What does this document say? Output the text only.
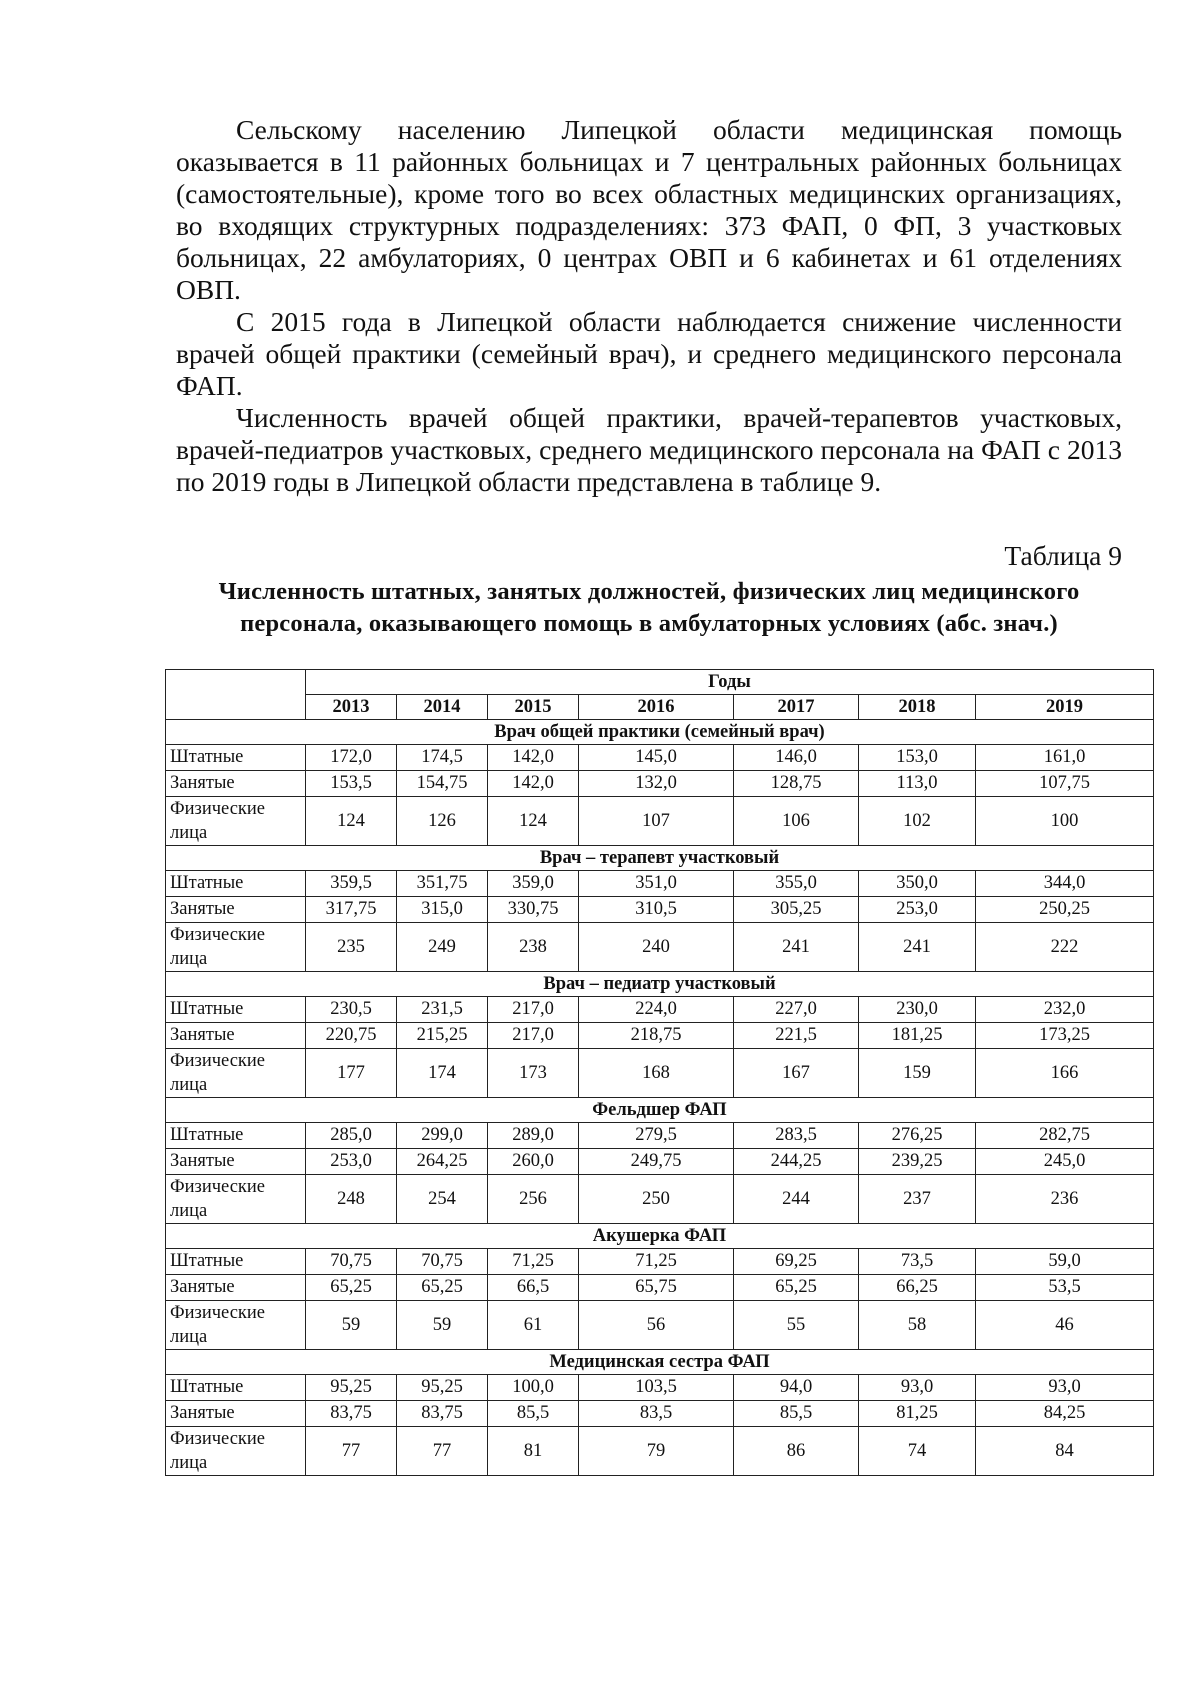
Сельскому населению Липецкой области медицинская помощь оказывается в 11 районных больницах и 7 центральных районных больницах (самостоятельные), кроме того во всех областных медицинских организациях, во входящих структурных подразделениях: 373 ФАП, 0 ФП, 3 участковых больницах, 22 амбулаториях, 0 центрах ОВП и 6 кабинетах и 61 отделениях ОВП.

С 2015 года в Липецкой области наблюдается снижение численности врачей общей практики (семейный врач), и среднего медицинского персонала ФАП.

Численность врачей общей практики, врачей-терапевтов участковых, врачей-педиатров участковых, среднего медицинского персонала на ФАП с 2013 по 2019 годы в Липецкой области представлена в таблице 9.

Таблица 9
Численность штатных, занятых должностей, физических лиц медицинского персонала, оказывающего помощь в амбулаторных условиях (абс. знач.)
	Годы						
	2013	2014	2015	2016	2017	2018	2019
Врач общей практики (семейный врач)							
Штатные	172,0	174,5	142,0	145,0	146,0	153,0	161,0
Занятые	153,5	154,75	142,0	132,0	128,75	113,0	107,75
Физические лица	124	126	124	107	106	102	100
Врач – терапевт участковый							
Штатные	359,5	351,75	359,0	351,0	355,0	350,0	344,0
Занятые	317,75	315,0	330,75	310,5	305,25	253,0	250,25
Физические лица	235	249	238	240	241	241	222
Врач – педиатр участковый							
Штатные	230,5	231,5	217,0	224,0	227,0	230,0	232,0
Занятые	220,75	215,25	217,0	218,75	221,5	181,25	173,25
Физические лица	177	174	173	168	167	159	166
Фельдшер ФАП							
Штатные	285,0	299,0	289,0	279,5	283,5	276,25	282,75
Занятые	253,0	264,25	260,0	249,75	244,25	239,25	245,0
Физические лица	248	254	256	250	244	237	236
Акушерка ФАП							
Штатные	70,75	70,75	71,25	71,25	69,25	73,5	59,0
Занятые	65,25	65,25	66,5	65,75	65,25	66,25	53,5
Физические лица	59	59	61	56	55	58	46
Медицинская сестра ФАП							
Штатные	95,25	95,25	100,0	103,5	94,0	93,0	93,0
Занятые	83,75	83,75	85,5	83,5	85,5	81,25	84,25
Физические лица	77	77	81	79	86	74	84
